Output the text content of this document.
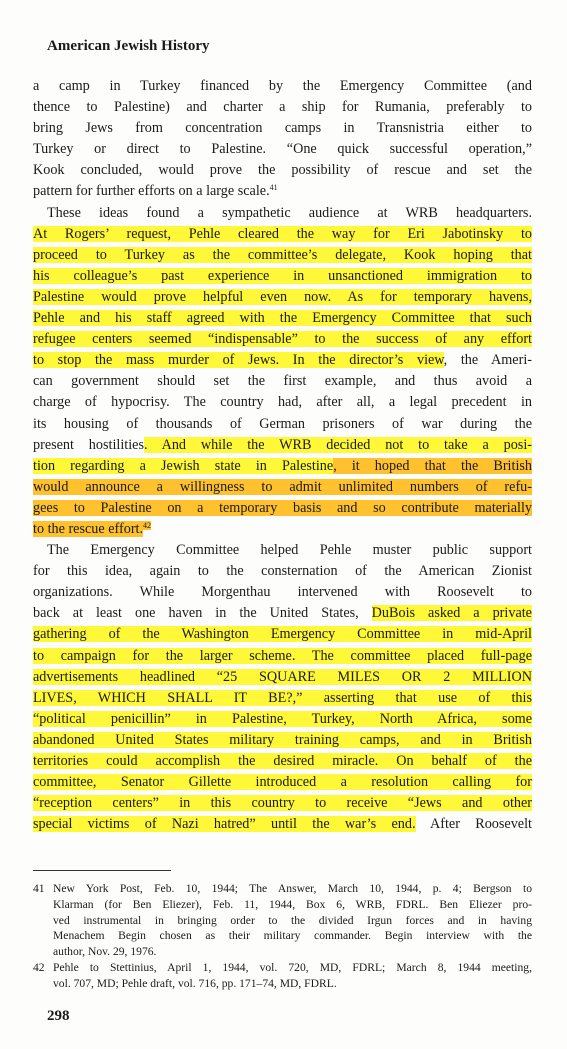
American Jewish History
a camp in Turkey financed by the Emergency Committee (and
thence to Palestine) and charter a ship for Rumania, preferably to
bring Jews from concentration camps in Transnistria either to
Turkey or direct to Palestine. “One quick successful operation,”
Kook concluded, would prove the possibility of rescue and set the
pattern for further efforts on a large scale.$^{41}$
These ideas found a sympathetic audience at WRB headquarters.
At Rogers’ request, Pehle cleared the way for Eri Jabotinsky to
proceed to Turkey as the committee’s delegate, Kook hoping that
his colleague’s past experience in unsanctioned immigration to
Palestine would prove helpful even now. As for temporary havens,
Pehle and his staff agreed with the Emergency Committee that such
refugee centers seemed “indispensable” to the success of any effort
to stop the mass murder of Jews. In the director’s view, the Ameri-
can government should set the first example, and thus avoid a
charge of hypocrisy. The country had, after all, a legal precedent in
its housing of thousands of German prisoners of war during the
present hostilities. And while the WRB decided not to take a posi-
tion regarding a Jewish state in Palestine, it hoped that the British
would announce a willingness to admit unlimited numbers of refu-
gees to Palestine on a temporary basis and so contribute materially
to the rescue effort.$^{42}$
The Emergency Committee helped Pehle muster public support
for this idea, again to the consternation of the American Zionist
organizations. While Morgenthau intervened with Roosevelt to
back at least one haven in the United States, DuBois asked a private
gathering of the Washington Emergency Committee in mid-April
to campaign for the larger scheme. The committee placed full-page
advertisements headlined “25 SQUARE MILES OR 2 MILLION
LIVES, WHICH SHALL IT BE?,” asserting that use of this
“political penicillin” in Palestine, Turkey, North Africa, some
abandoned United States military training camps, and in British
territories could accomplish the desired miracle. On behalf of the
committee, Senator Gillette introduced a resolution calling for
“reception centers” in this country to receive “Jews and other
special victims of Nazi hatred” until the war’s end. After Roosevelt
41 New York Post, Feb. 10, 1944; The Answer, March 10, 1944, p. 4; Bergson to
Klarman (for Ben Eliezer), Feb. 11, 1944, Box 6, WRB, FDRL. Ben Eliezer pro-
ved instrumental in bringing order to the divided Irgun forces and in having
Menachem Begin chosen as their military commander. Begin interview with the
author, Nov. 29, 1976.
42 Pehle to Stettinius, April 1, 1944, vol. 720, MD, FDRL; March 8, 1944 meeting,
vol. 707, MD; Pehle draft, vol. 716, pp. 171–74, MD, FDRL.
298
